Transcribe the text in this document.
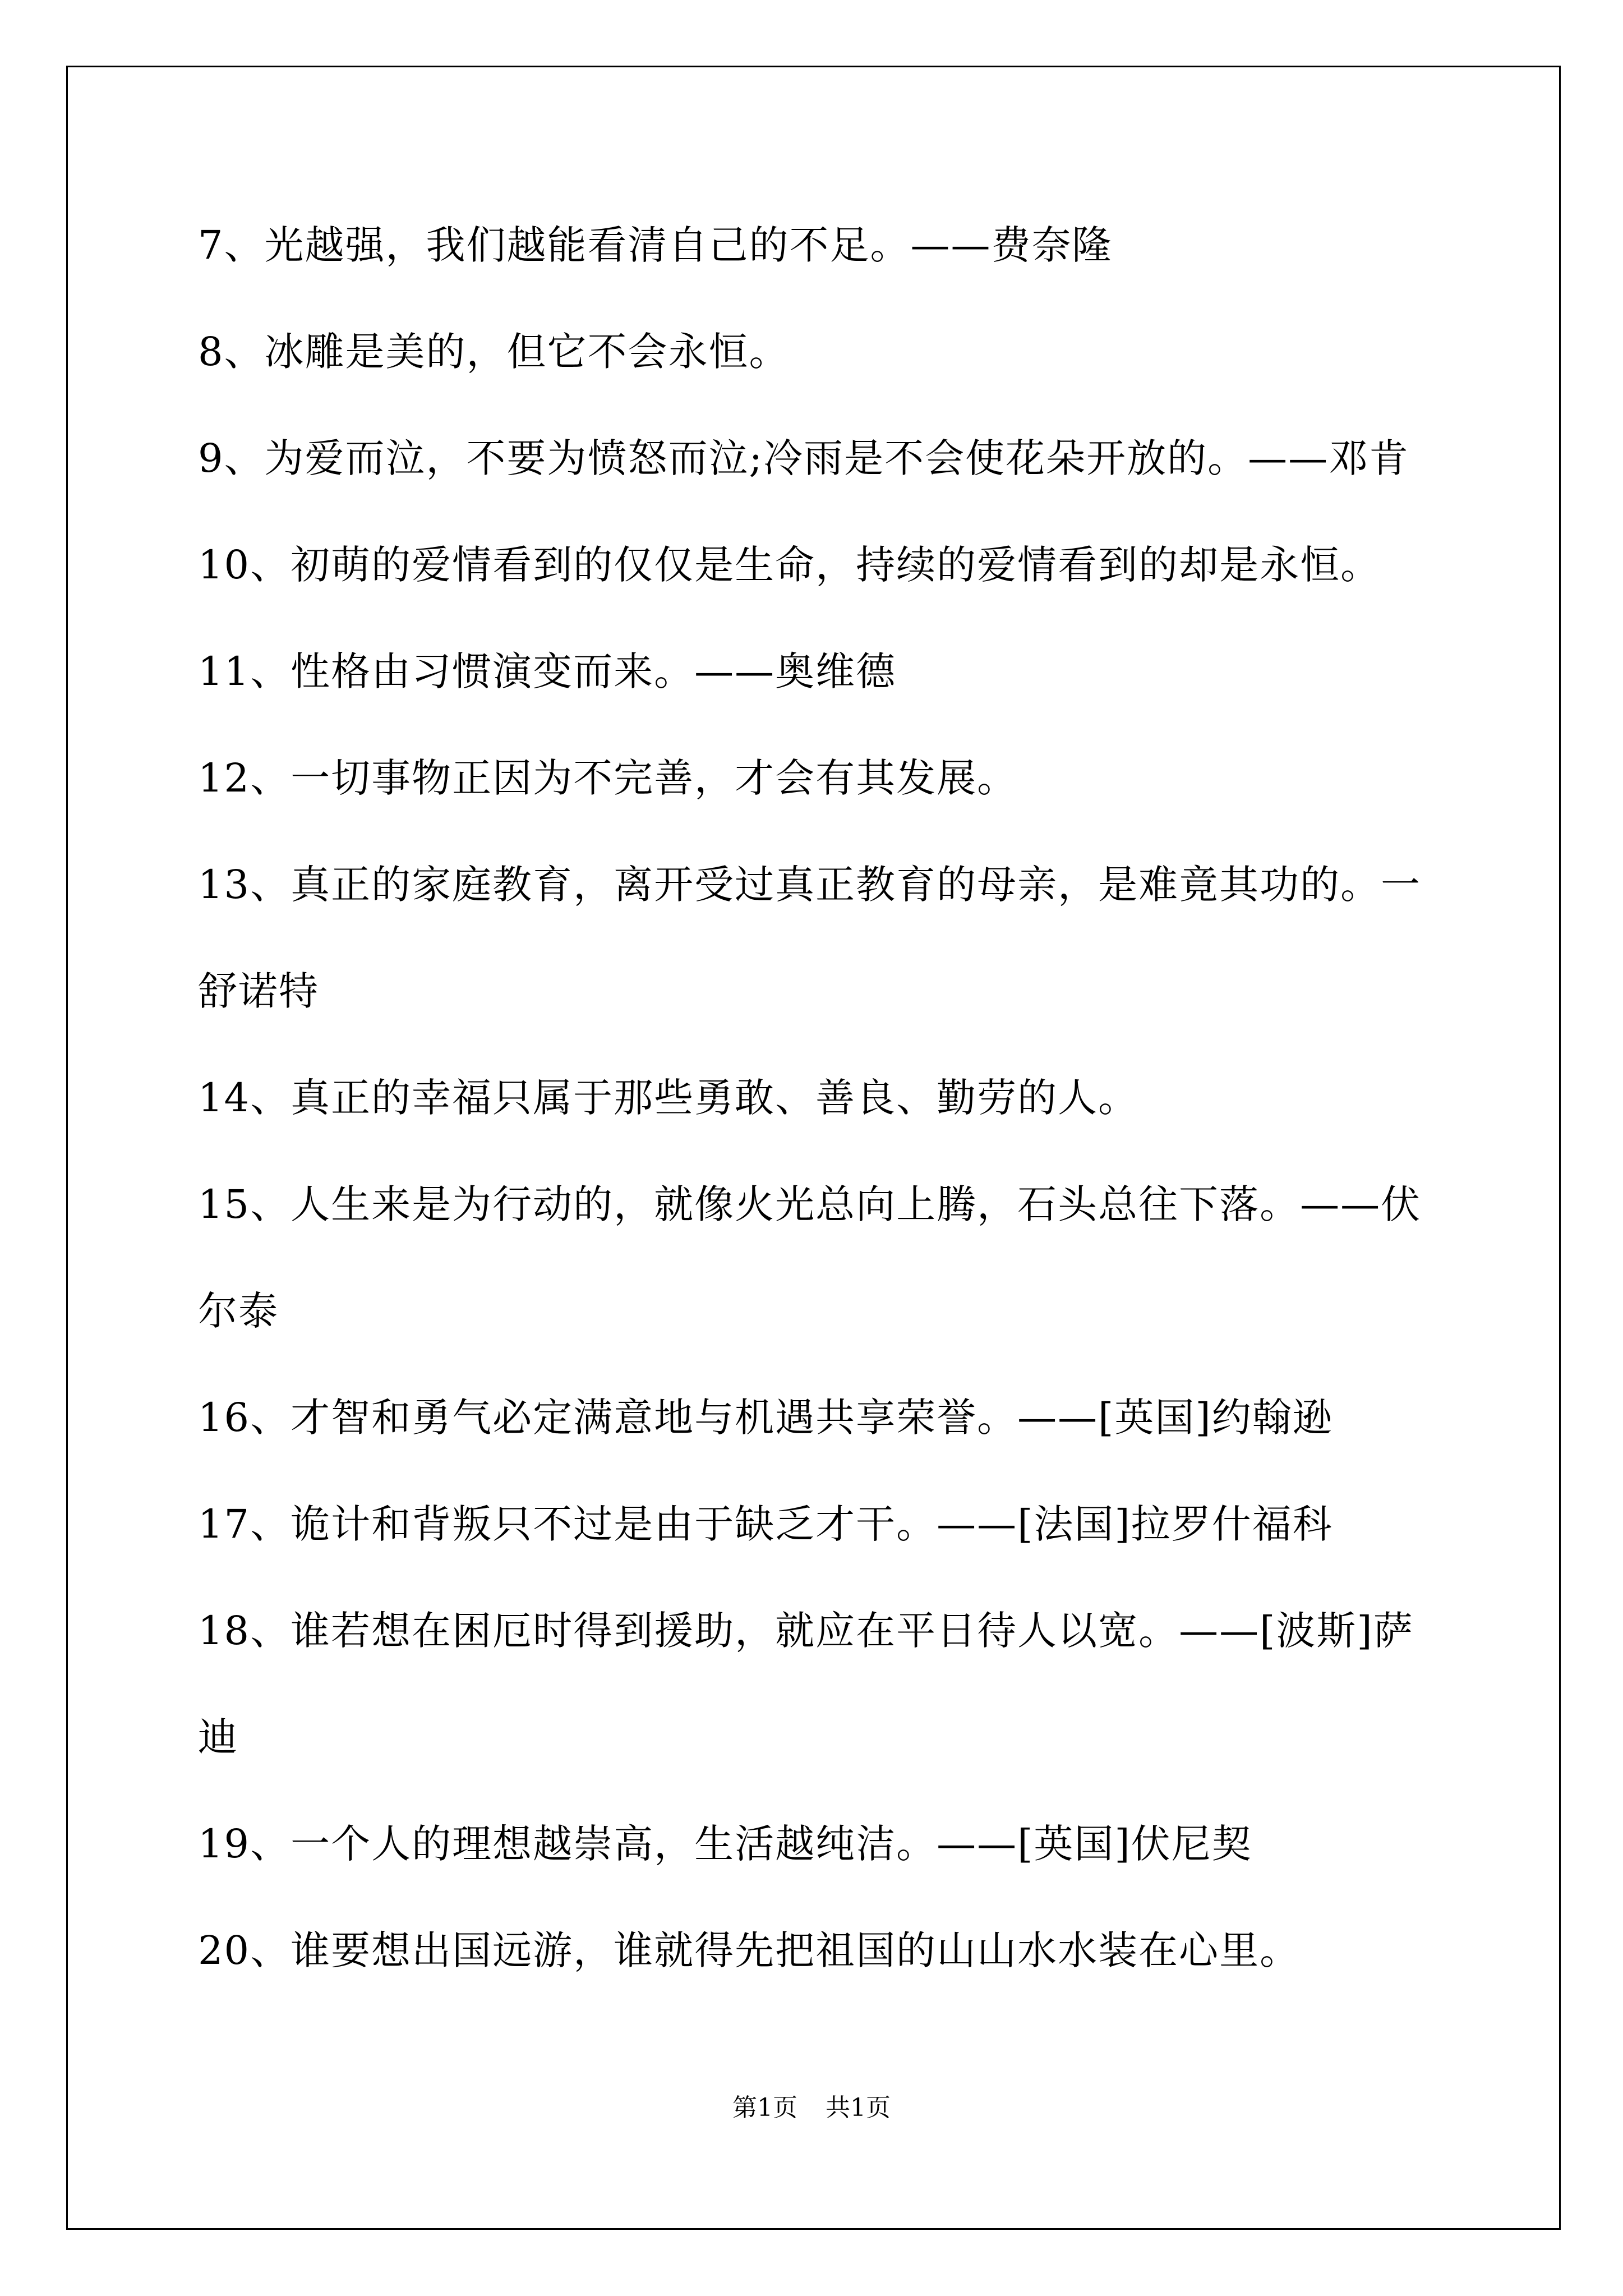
7、光越强，我们越能看清自己的不足。——费奈隆
8、冰雕是美的，但它不会永恒。
9、为爱而泣，不要为愤怒而泣;冷雨是不会使花朵开放的。——邓肯
10、初萌的爱情看到的仅仅是生命，持续的爱情看到的却是永恒。
11、性格由习惯演变而来。——奥维德
12、一切事物正因为不完善，才会有其发展。
13、真正的家庭教育，离开受过真正教育的母亲，是难竟其功的。一
舒诺特
14、真正的幸福只属于那些勇敢、善良、勤劳的人。
15、人生来是为行动的，就像火光总向上腾，石头总往下落。——伏
尔泰
16、才智和勇气必定满意地与机遇共享荣誉。——[英国]约翰逊
17、诡计和背叛只不过是由于缺乏才干。——[法国]拉罗什福科
18、谁若想在困厄时得到援助，就应在平日待人以宽。——[波斯]萨
迪
19、一个人的理想越崇高，生活越纯洁。——[英国]伏尼契
20、谁要想出国远游，谁就得先把祖国的山山水水装在心里。
第1页 共1页
